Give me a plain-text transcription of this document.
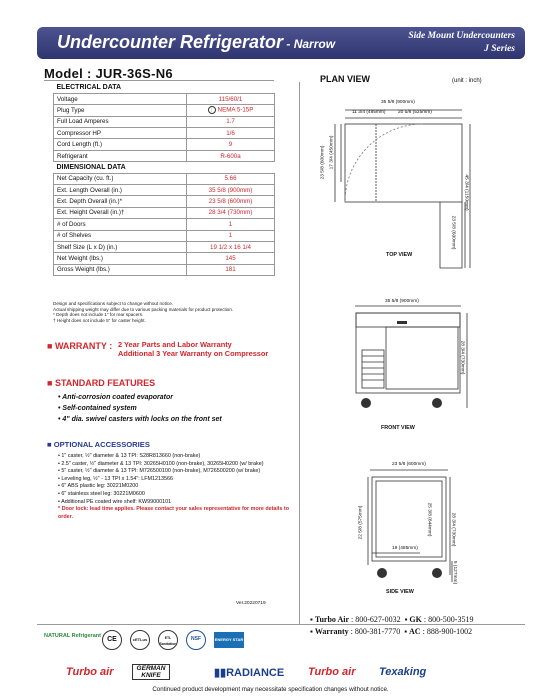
Undercounter Refrigerator - Narrow
Side Mount Undercounters
J Series
Model : JUR-36S-N6
ELECTRICAL DATA	
Voltage	115/60/1
Plug Type	⋮ NEMA 5-15P
Full Load Amperes	1.7
Compressor HP	1/6
Cord Length (ft.)	9
Refrigerant	R-600a
DIMENSIONAL DATA	
Net Capacity (cu. ft.)	5.66
Ext. Length Overall (in.)	35 5/8 (900mm)
Ext. Depth Overall (in.)*	23 5/8 (600mm)
Ext. Height Overall (in.)†	28 3/4 (730mm)
# of Doors	1
# of Shelves	1
Shelf Size (L x D) (in.)	19 1/2 x 16 1/4
Net Weight (lbs.)	145
Gross Weight (lbs.)	181
Design and specifications subject to change without notice.
Actual shipping weight may differ due to various packing materials for product protection.
* Depth does not include 1" for rear spacers.
† Height does not include 5" for caster height.
■ WARRANTY : 2 Year Parts and Labor Warranty
Additional 3 Year Warranty on Compressor
■ STANDARD FEATURES
• Anti-corrosion coated evaporator
• Self-contained system
• 4" dia. swivel casters with locks on the front set
■ OPTIONAL ACCESSORIES
• 1" caster, ½" diameter & 13 TPI: S28R813660 (non-brake)
• 2.5" caster, ½" diameter & 13 TPI: 30265H0100 (non-brake), 30265H0200 (w/ brake)
• 5" caster, ½" diameter & 13 TPI: M726500100 (non-brake), M726500200 (w/ brake)
• Leveling leg, ½" - 13 TPI x 1.54": LFM1213566
• 6" ABS plastic leg: 30221M0200
• 6" stainless steel leg: 30221M0600
• Additional PE coated wire shelf: KW99000101
* Door lock: lead time applies. Please contact your sales representative for more details to order.
Ver.20220719
PLAN VIEW	(unit : inch)
35 5/8 (900mm)
11 3/4 (485mm)	20 5/8 (525mm)
23 5/8 (600mm) 17 3/4 (450mm)
45 3/4 (1150mm)
23 5/8 (600mm)
TOP VIEW
35 5/8 (900mm)
28 3/4 (730mm)
FRONT VIEW
23 5/8 (600mm)
22 5/8 (575mm)	25 3/8 (644mm)	28 3/4 (730mm)
19 (485mm)
5 (127mm)
SIDE VIEW
NATURAL Refrigerant CE	cETLus	ETL Sanitation
NSF	ENERGY STAR
▪ Turbo Air : 800-627-0032  ▪ GK : 800-500-3519
▪ Warranty : 800-381-7770  ▪ AC : 888-900-1002
Turbo air	GERMAN KNIFE	▮▮RADIANCE Turbo air Texaking
Continued product development may necessitate specification changes without notice.
